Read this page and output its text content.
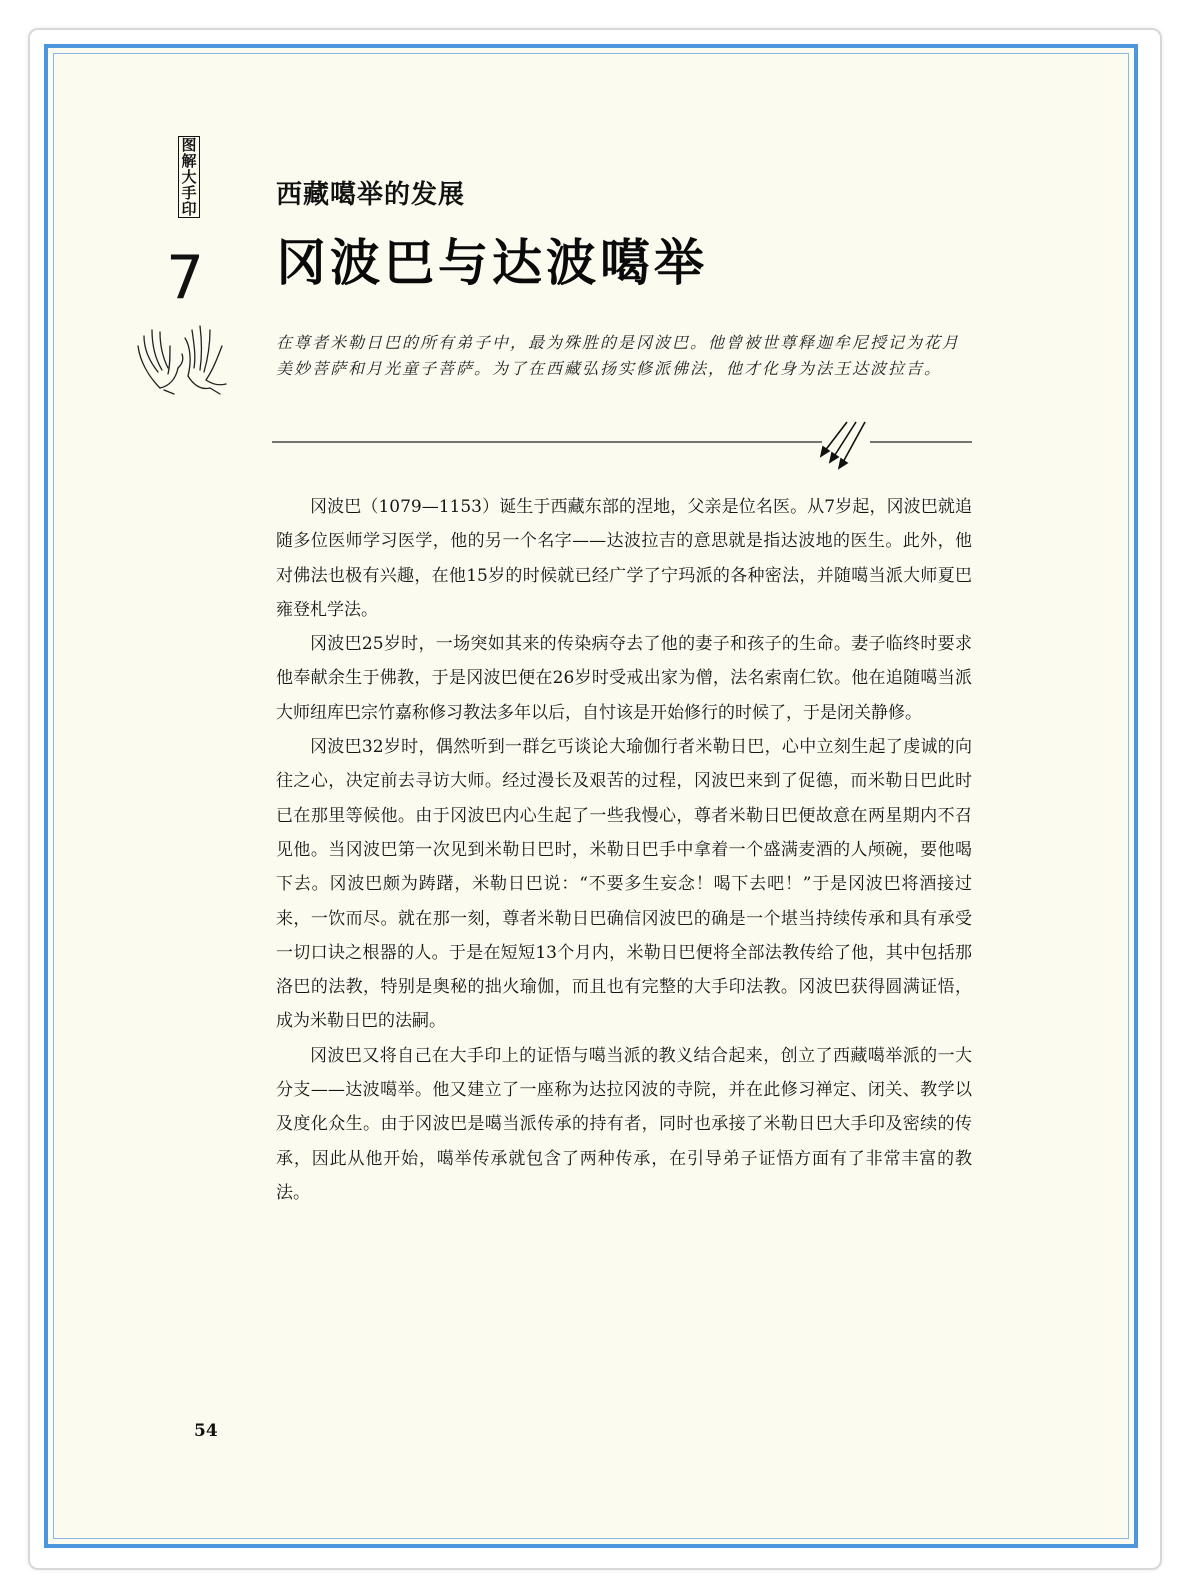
图解大手印
7
西藏噶举的发展
冈波巴与达波噶举
在尊者米勒日巴的所有弟子中，最为殊胜的是冈波巴。他曾被世尊释迦牟尼授记为花月美妙菩萨和月光童子菩萨。为了在西藏弘扬实修派佛法，他才化身为法王达波拉吉。

冈波巴（1079—1153）诞生于西藏东部的涅地，父亲是位名医。从7岁起，冈波巴就追随多位医师学习医学，他的另一个名字——达波拉吉的意思就是指达波地的医生。此外，他对佛法也极有兴趣，在他15岁的时候就已经广学了宁玛派的各种密法，并随噶当派大师夏巴雍登札学法。

冈波巴25岁时，一场突如其来的传染病夺去了他的妻子和孩子的生命。妻子临终时要求他奉献余生于佛教，于是冈波巴便在26岁时受戒出家为僧，法名索南仁钦。他在追随噶当派大师纽库巴宗竹嘉称修习教法多年以后，自忖该是开始修行的时候了，于是闭关静修。

冈波巴32岁时，偶然听到一群乞丐谈论大瑜伽行者米勒日巴，心中立刻生起了虔诚的向往之心，决定前去寻访大师。经过漫长及艰苦的过程，冈波巴来到了促德，而米勒日巴此时已在那里等候他。由于冈波巴内心生起了一些我慢心，尊者米勒日巴便故意在两星期内不召见他。当冈波巴第一次见到米勒日巴时，米勒日巴手中拿着一个盛满麦酒的人颅碗，要他喝下去。冈波巴颇为踌躇，米勒日巴说：“不要多生妄念！喝下去吧！”于是冈波巴将酒接过来，一饮而尽。就在那一刻，尊者米勒日巴确信冈波巴的确是一个堪当持续传承和具有承受一切口诀之根器的人。于是在短短13个月内，米勒日巴便将全部法教传给了他，其中包括那洛巴的法教，特别是奥秘的拙火瑜伽，而且也有完整的大手印法教。冈波巴获得圆满证悟，成为米勒日巴的法嗣。

冈波巴又将自己在大手印上的证悟与噶当派的教义结合起来，创立了西藏噶举派的一大分支——达波噶举。他又建立了一座称为达拉冈波的寺院，并在此修习禅定、闭关、教学以及度化众生。由于冈波巴是噶当派传承的持有者，同时也承接了米勒日巴大手印及密续的传承，因此从他开始，噶举传承就包含了两种传承，在引导弟子证悟方面有了非常丰富的教法。

54
